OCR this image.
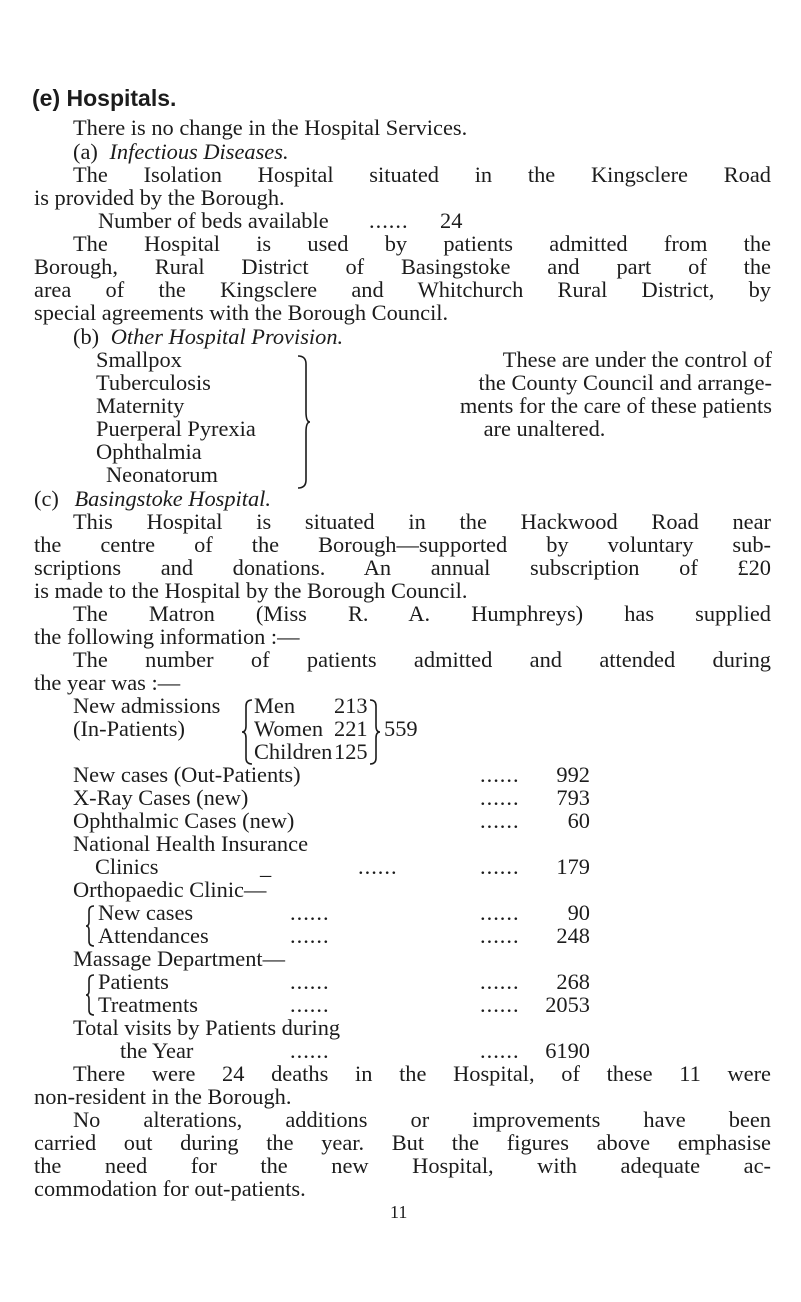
(e) Hospitals.
There is no change in the Hospital Services.
(a) Infectious Diseases.
The Isolation Hospital situated in the Kingsclere Road
is provided by the Borough.
Number of beds available ...... 24
The Hospital is used by patients admitted from the
Borough, Rural District of Basingstoke and part of the
area of the Kingsclere and Whitchurch Rural District, by
special agreements with the Borough Council.
(b) Other Hospital Provision.
Smallpox
Tuberculosis
Maternity
Puerperal Pyrexia
Ophthalmia
Neonatorum
These are under the control of
the County Council and arrange-
ments for the care of these patients
are unaltered.
(c) Basingstoke Hospital.
This Hospital is situated in the Hackwood Road near
the centre of the Borough—supported by voluntary sub-
scriptions and donations. An annual subscription of £20
is made to the Hospital by the Borough Council.
The Matron (Miss R. A. Humphreys) has supplied
the following information :—
The number of patients admitted and attended during
the year was :—
New admissions
(In-Patients)
Men 213
Women 221
Children 125
559
New cases (Out-Patients)	......	992
X-Ray Cases (new)	......	793
Ophthalmic Cases (new)	......	60
National Health Insurance
Clinics	_	......	......	179
Orthopaedic Clinic—
New cases	......	......	90
Attendances	......	......	248
Massage Department—
Patients	......	......	268
Treatments	......	......	2053
Total visits by Patients during
the Year	......	......	6190
There were 24 deaths in the Hospital, of these 11 were
non-resident in the Borough.
No alterations, additions or improvements have been
carried out during the year. But the figures above emphasise
the need for the new Hospital, with adequate ac-
commodation for out-patients.
11
